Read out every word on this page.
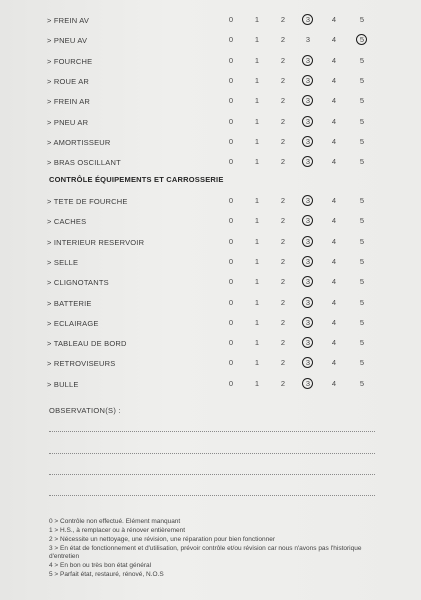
> FREIN AV	0	1	2	3	4	5
> PNEU AV	0	1	2	3	4	5
> FOURCHE	0	1	2	3	4	5
> ROUE AR	0	1	2	3	4	5
> FREIN AR	0	1	2	3	4	5
> PNEU AR	0	1	2	3	4	5
> AMORTISSEUR	0	1	2	3	4	5
> BRAS OSCILLANT	0	1	2	3	4	5
CONTRÔLE ÉQUIPEMENTS ET CARROSSERIE
> TETE DE FOURCHE	0	1	2	3	4	5
> CACHES	0	1	2	3	4	5
> INTERIEUR RESERVOIR	0	1	2	3	4	5
> SELLE	0	1	2	3	4	5
> CLIGNOTANTS	0	1	2	3	4	5
> BATTERIE	0	1	2	3	4	5
> ECLAIRAGE	0	1	2	3	4	5
> TABLEAU DE BORD	0	1	2	3	4	5
> RETROVISEURS	0	1	2	3	4	5
> BULLE	0	1	2	3	4	5
OBSERVATION(S) :
0 > Contrôle non effectué. Elément manquant
1 > H.S., à remplacer ou à rénover entièrement
2 > Nécessite un nettoyage, une révision, une réparation pour bien fonctionner
3 > En état de fonctionnement et d'utilisation, prévoir contrôle et/ou révision car nous n'avons pas l'historique d'entretien
4 > En bon ou très bon état général
5 > Parfait état, restauré, rénové, N.O.S
